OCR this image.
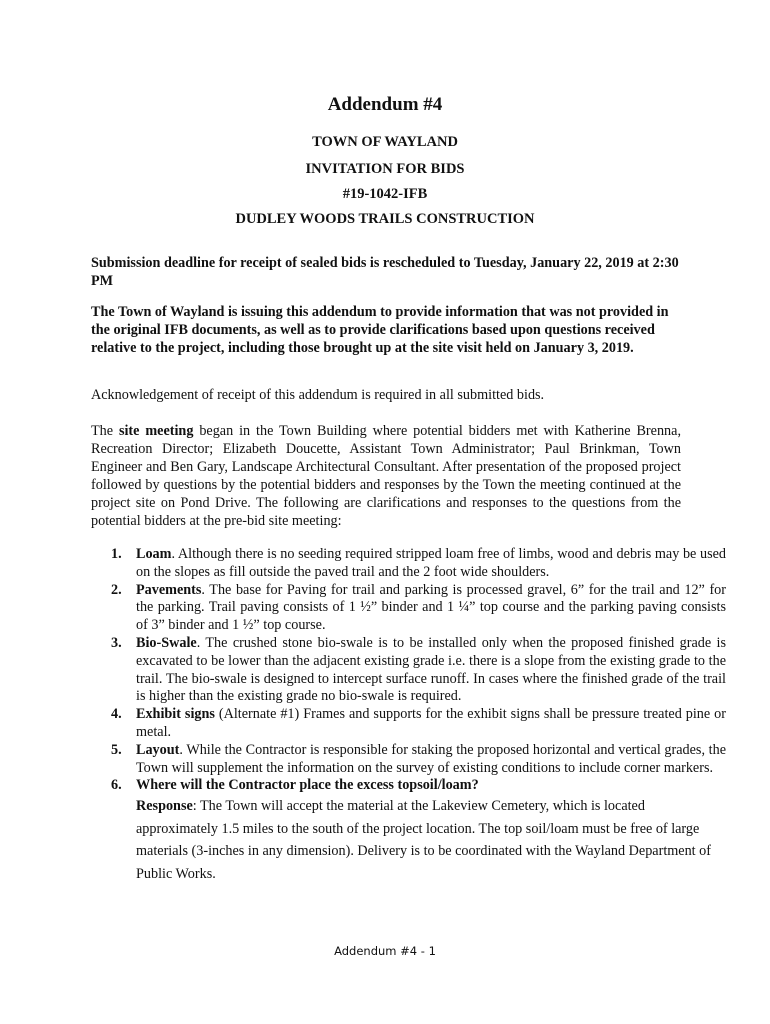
Addendum #4
TOWN OF WAYLAND
INVITATION FOR BIDS
#19-1042-IFB
DUDLEY WOODS TRAILS CONSTRUCTION
Submission deadline for receipt of sealed bids is rescheduled to Tuesday, January 22, 2019 at 2:30 PM
The Town of Wayland is issuing this addendum to provide information that was not provided in the original IFB documents, as well as to provide clarifications based upon questions received relative to the project, including those brought up at the site visit held on January 3, 2019.
Acknowledgement of receipt of this addendum is required in all submitted bids.
The site meeting began in the Town Building where potential bidders met with Katherine Brenna, Recreation Director; Elizabeth Doucette, Assistant Town Administrator; Paul Brinkman, Town Engineer and Ben Gary, Landscape Architectural Consultant. After presentation of the proposed project followed by questions by the potential bidders and responses by the Town the meeting continued at the project site on Pond Drive. The following are clarifications and responses to the questions from the potential bidders at the pre-bid site meeting:
1. Loam. Although there is no seeding required stripped loam free of limbs, wood and debris may be used on the slopes as fill outside the paved trail and the 2 foot wide shoulders.
2. Pavements. The base for Paving for trail and parking is processed gravel, 6” for the trail and 12” for the parking. Trail paving consists of 1 ½” binder and 1 ¼” top course and the parking paving consists of 3” binder and 1 ½” top course.
3. Bio-Swale. The crushed stone bio-swale is to be installed only when the proposed finished grade is excavated to be lower than the adjacent existing grade i.e. there is a slope from the existing grade to the trail. The bio-swale is designed to intercept surface runoff. In cases where the finished grade of the trail is higher than the existing grade no bio-swale is required.
4. Exhibit signs (Alternate #1) Frames and supports for the exhibit signs shall be pressure treated pine or metal.
5. Layout. While the Contractor is responsible for staking the proposed horizontal and vertical grades, the Town will supplement the information on the survey of existing conditions to include corner markers.
6. Where will the Contractor place the excess topsoil/loam?
Response: The Town will accept the material at the Lakeview Cemetery, which is located approximately 1.5 miles to the south of the project location. The top soil/loam must be free of large materials (3-inches in any dimension). Delivery is to be coordinated with the Wayland Department of Public Works.
Addendum #4 - 1
